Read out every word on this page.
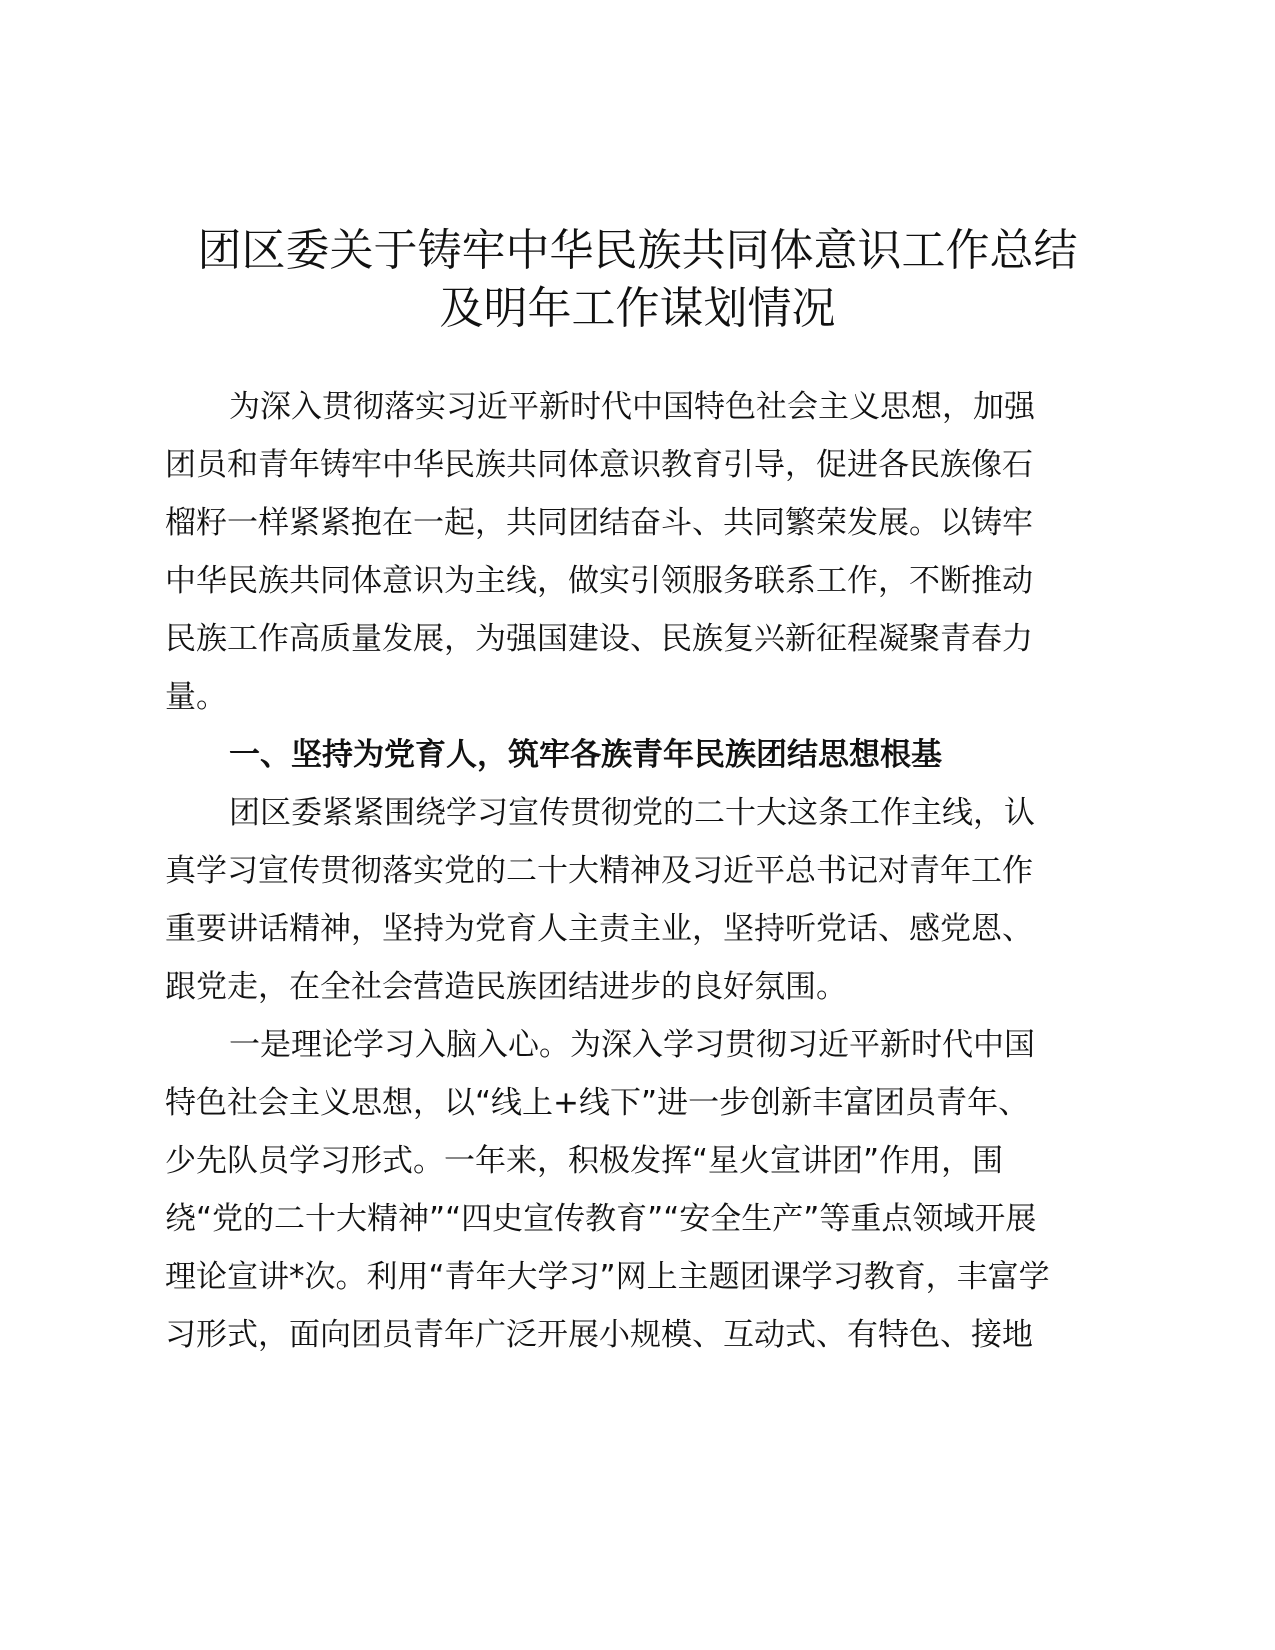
团区委关于铸牢中华民族共同体意识工作总结
及明年工作谋划情况
为深入贯彻落实习近平新时代中国特色社会主义思想，加强
团员和青年铸牢中华民族共同体意识教育引导，促进各民族像石
榴籽一样紧紧抱在一起，共同团结奋斗、共同繁荣发展。以铸牢
中华民族共同体意识为主线，做实引领服务联系工作，不断推动
民族工作高质量发展，为强国建设、民族复兴新征程凝聚青春力
量。
一、坚持为党育人，筑牢各族青年民族团结思想根基
团区委紧紧围绕学习宣传贯彻党的二十大这条工作主线，认
真学习宣传贯彻落实党的二十大精神及习近平总书记对青年工作
重要讲话精神，坚持为党育人主责主业，坚持听党话、感党恩、
跟党走，在全社会营造民族团结进步的良好氛围。
一是理论学习入脑入心。为深入学习贯彻习近平新时代中国
特色社会主义思想，以“线上+线下”进一步创新丰富团员青年、
少先队员学习形式。一年来，积极发挥“星火宣讲团”作用，围
绕“党的二十大精神”“四史宣传教育”“安全生产”等重点领域开展
理论宣讲*次。利用“青年大学习”网上主题团课学习教育，丰富学
习形式，面向团员青年广泛开展小规模、互动式、有特色、接地
